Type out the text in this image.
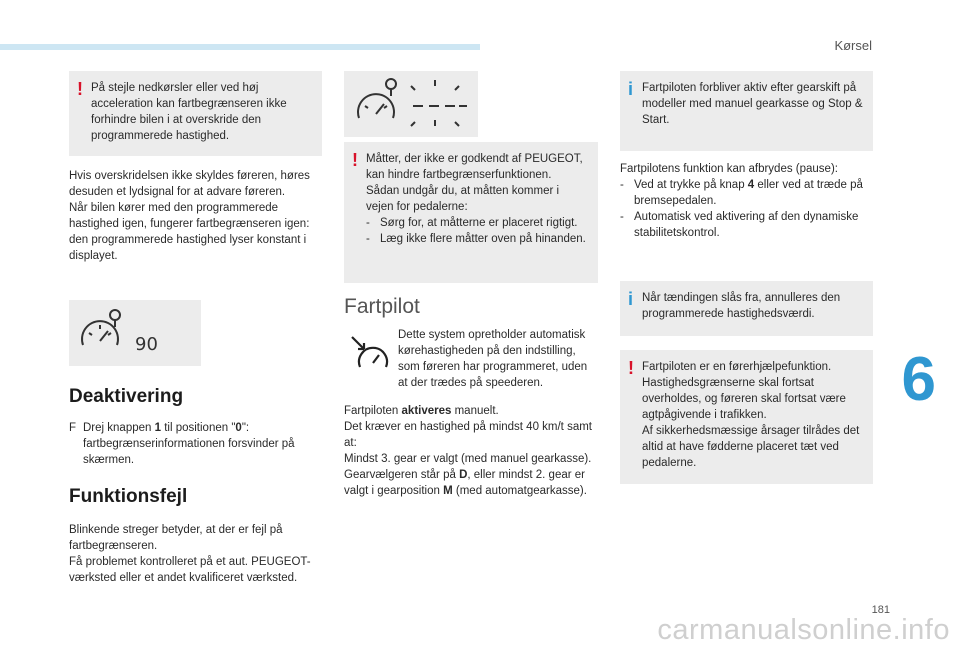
Kørsel
6
! På stejle nedkørsler eller ved høj acceleration kan fartbegrænseren ikke forhindre bilen i at overskride den programmerede hastighed.

Hvis overskridelsen ikke skyldes føreren, høres desuden et lydsignal for at advare føreren.

Når bilen kører med den programmerede hastighed igen, fungerer fartbegrænseren igen: den programmerede hastighed lyser konstant i displayet.

90
Deaktivering
F Drej knappen 1 til positionen "0": fartbegrænserinformationen forsvinder på skærmen.
Funktionsfejl

Blinkende streger betyder, at der er fejl på fartbegrænseren.

Få problemet kontrolleret på et aut. PEUGEOT-værksted eller et andet kvalificeret værksted.

! Måtter, der ikke er godkendt af PEUGEOT, kan hindre fartbegrænserfunktionen.

Sådan undgår du, at måtten kommer i vejen for pedalerne:

- Sørg for, at måtterne er placeret rigtigt.
- Læg ikke flere måtter oven på hinanden.
Fartpilot

Dette system opretholder automatisk kørehastigheden på den indstilling, som føreren har programmeret, uden at der trædes på speederen.

Fartpiloten aktiveres manuelt.

Det kræver en hastighed på mindst 40 km/t samt at:

Mindst 3. gear er valgt (med manuel gearkasse).

Gearvælgeren står på D, eller mindst 2. gear er valgt i gearposition M (med automatgearkasse).

i Fartpiloten forbliver aktiv efter gearskift på modeller med manuel gearkasse og Stop & Start.

Fartpilotens funktion kan afbrydes (pause):

- Ved at trykke på knap 4 eller ved at træde på bremsepedalen.
- Automatisk ved aktivering af den dynamiske stabilitetskontrol.
i Når tændingen slås fra, annulleres den programmerede hastighedsværdi.

! Fartpiloten er en førerhjælpefunktion.

Hastighedsgrænserne skal fortsat overholdes, og føreren skal fortsat være agtpågivende i trafikken.

Af sikkerhedsmæssige årsager tilrådes det altid at have fødderne placeret tæt ved pedalerne.

181
carmanualsonline.info
